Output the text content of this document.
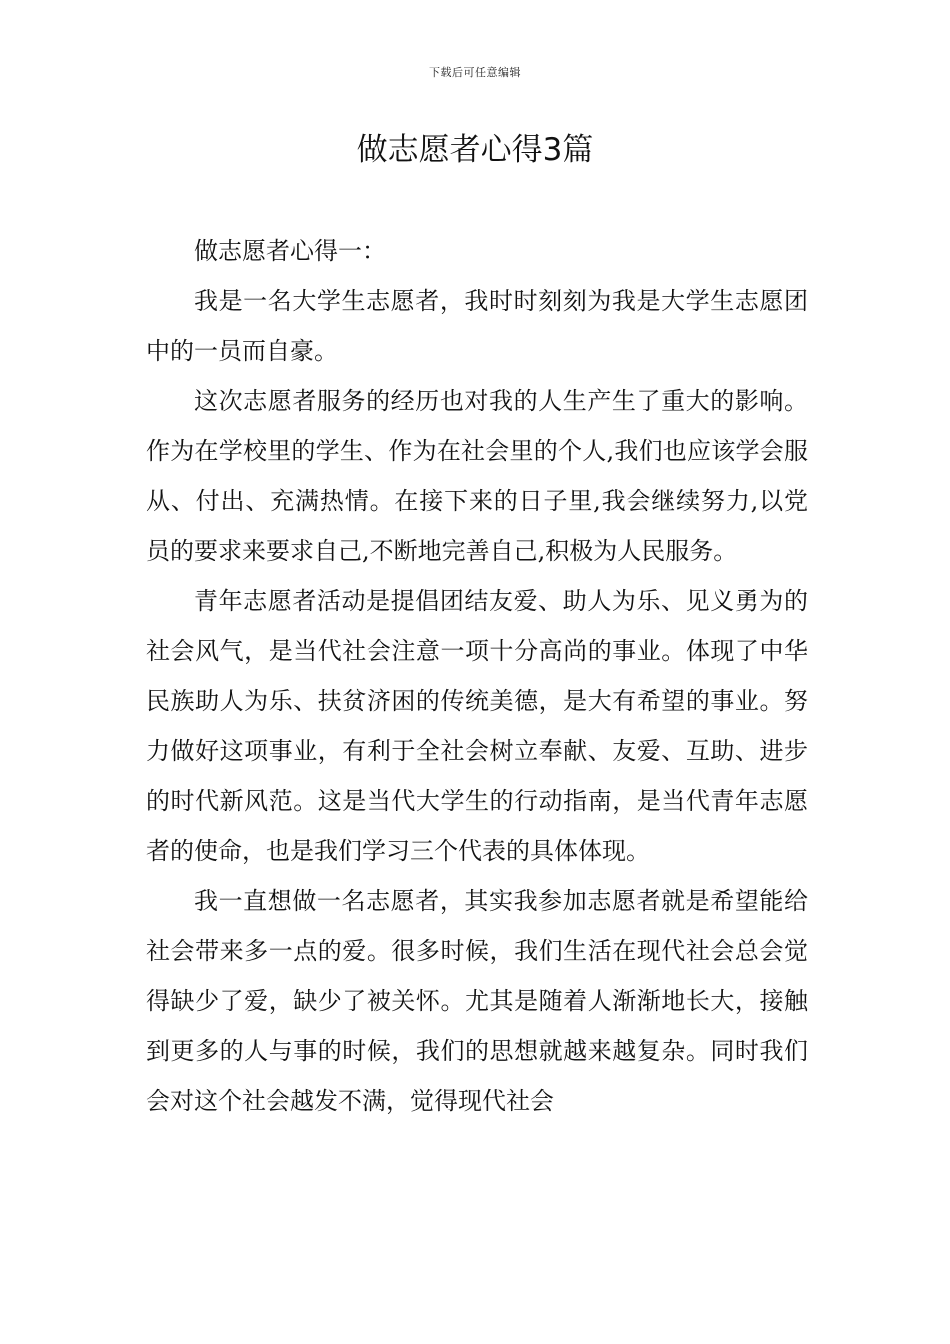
下载后可任意编辑
做志愿者心得3篇

做志愿者心得一：

我是一名大学生志愿者，我时时刻刻为我是大学生志愿团中的一员而自豪。

这次志愿者服务的经历也对我的人生产生了重大的影响。作为在学校里的学生、作为在社会里的个人,我们也应该学会服从、付出、充满热情。在接下来的日子里,我会继续努力,以党员的要求来要求自己,不断地完善自己,积极为人民服务。

青年志愿者活动是提倡团结友爱、助人为乐、见义勇为的社会风气，是当代社会注意一项十分高尚的事业。体现了中华民族助人为乐、扶贫济困的传统美德，是大有希望的事业。努力做好这项事业，有利于全社会树立奉献、友爱、互助、进步的时代新风范。这是当代大学生的行动指南，是当代青年志愿者的使命，也是我们学习三个代表的具体体现。

我一直想做一名志愿者，其实我参加志愿者就是希望能给社会带来多一点的爱。很多时候，我们生活在现代社会总会觉得缺少了爱，缺少了被关怀。尤其是随着人渐渐地长大，接触到更多的人与事的时候，我们的思想就越来越复杂。同时我们会对这个社会越发不满，觉得现代社会
